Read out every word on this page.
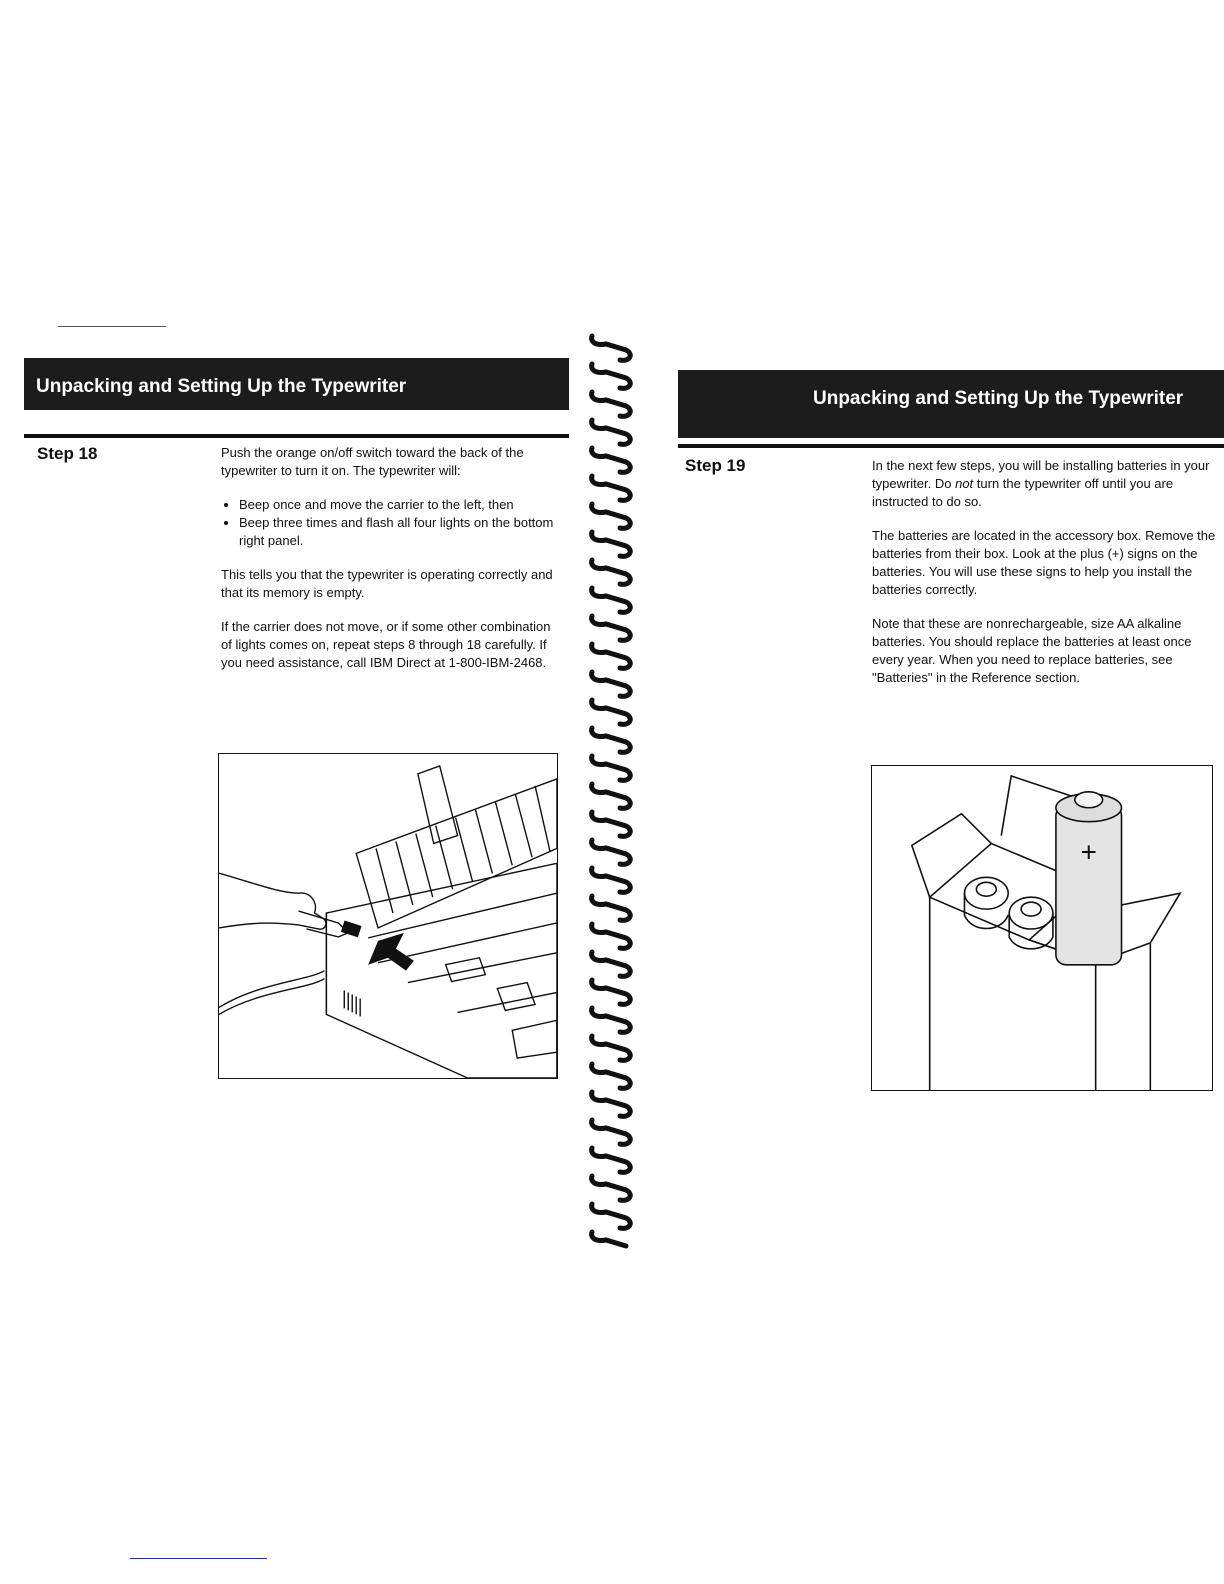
Unpacking and Setting Up the Typewriter
Step 18	Push the orange on/off switch toward the back of the typewriter to turn it on. The typewriter will:

• Beep once and move the carrier to the left, then
• Beep three times and flash all four lights on the bottom right panel.

This tells you that the typewriter is operating correctly and that its memory is empty.

If the carrier does not move, or if some other combination of lights comes on, repeat steps 8 through 18 carefully. If you need assistance, call IBM Direct at 1-800-IBM-2468.

Unpacking and Setting Up the Typewriter
Step 19	In the next few steps, you will be installing batteries in your typewriter. Do not turn the typewriter off until you are instructed to do so.

The batteries are located in the accessory box. Remove the batteries from their box. Look at the plus (+) signs on the batteries. You will use these signs to help you install the batteries correctly.

Note that these are nonrechargeable, size AA alkaline batteries. You should replace the batteries at least once every year. When you need to replace batteries, see "Batteries" in the Reference section.

+
